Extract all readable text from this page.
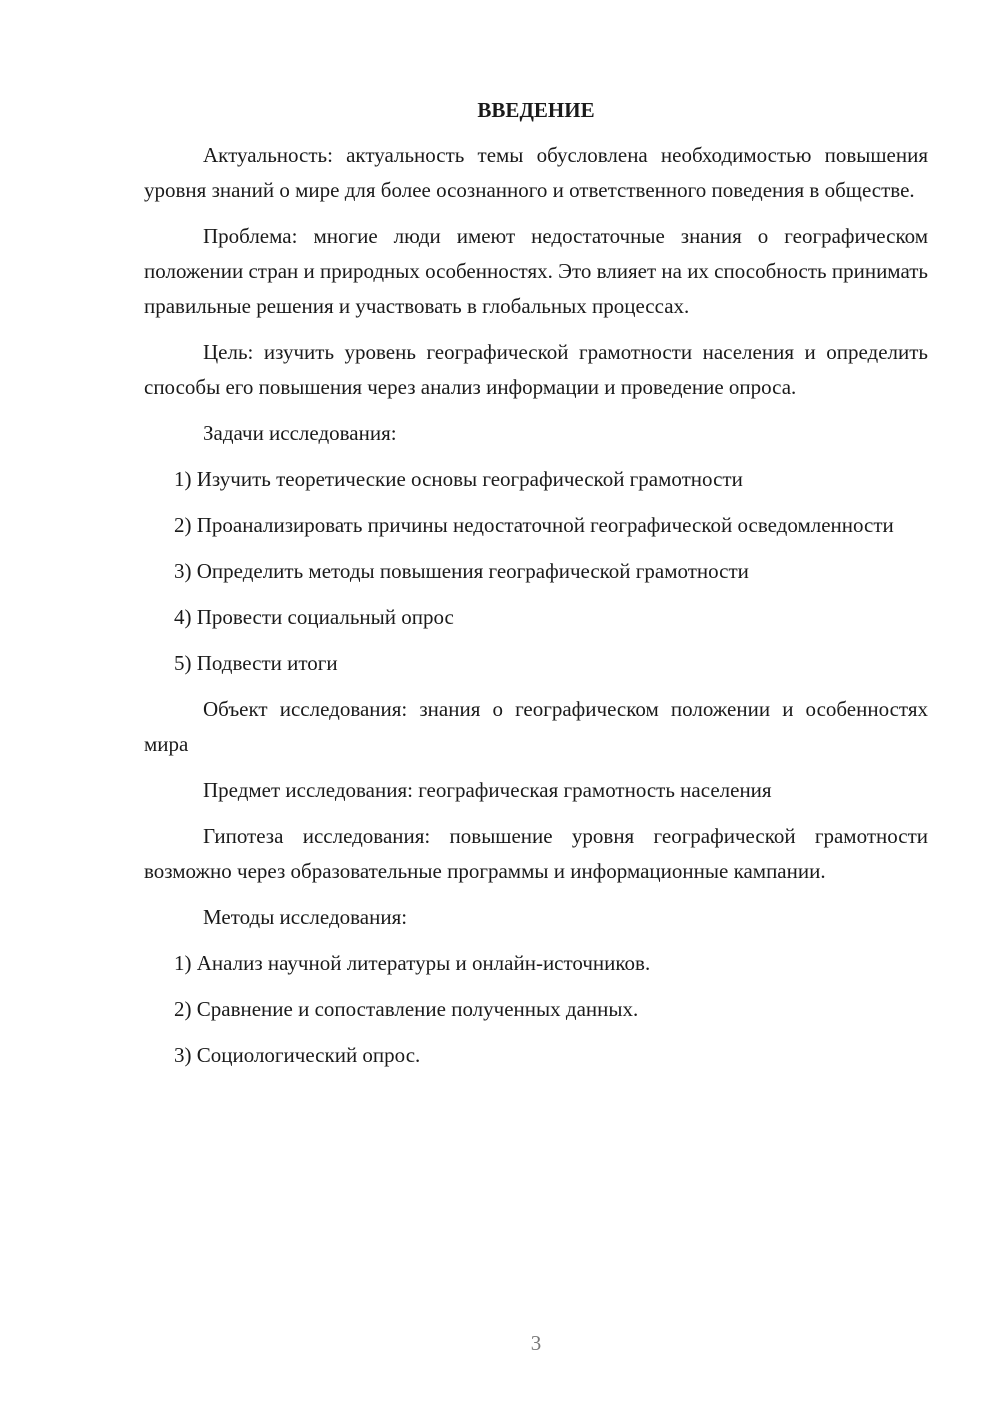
ВВЕДЕНИЕ

Актуальность: актуальность темы обусловлена необходимостью повышения уровня знаний о мире для более осознанного и ответственного поведения в обществе.

Проблема: многие люди имеют недостаточные знания о географическом положении стран и природных особенностях. Это влияет на их способность принимать правильные решения и участвовать в глобальных процессах.

Цель: изучить уровень географической грамотности населения и определить способы его повышения через анализ информации и проведение опроса.

Задачи исследования:

1) Изучить теоретические основы географической грамотности

2) Проанализировать причины недостаточной географической осведомленности

3) Определить методы повышения географической грамотности

4) Провести социальный опрос

5) Подвести итоги

Объект исследования: знания о географическом положении и особенностях мира

Предмет исследования: географическая грамотность населения

Гипотеза исследования: повышение уровня географической грамотности возможно через образовательные программы и информационные кампании.

Методы исследования:

1) Анализ научной литературы и онлайн-источников.

2) Сравнение и сопоставление полученных данных.

3) Социологический опрос.

3
